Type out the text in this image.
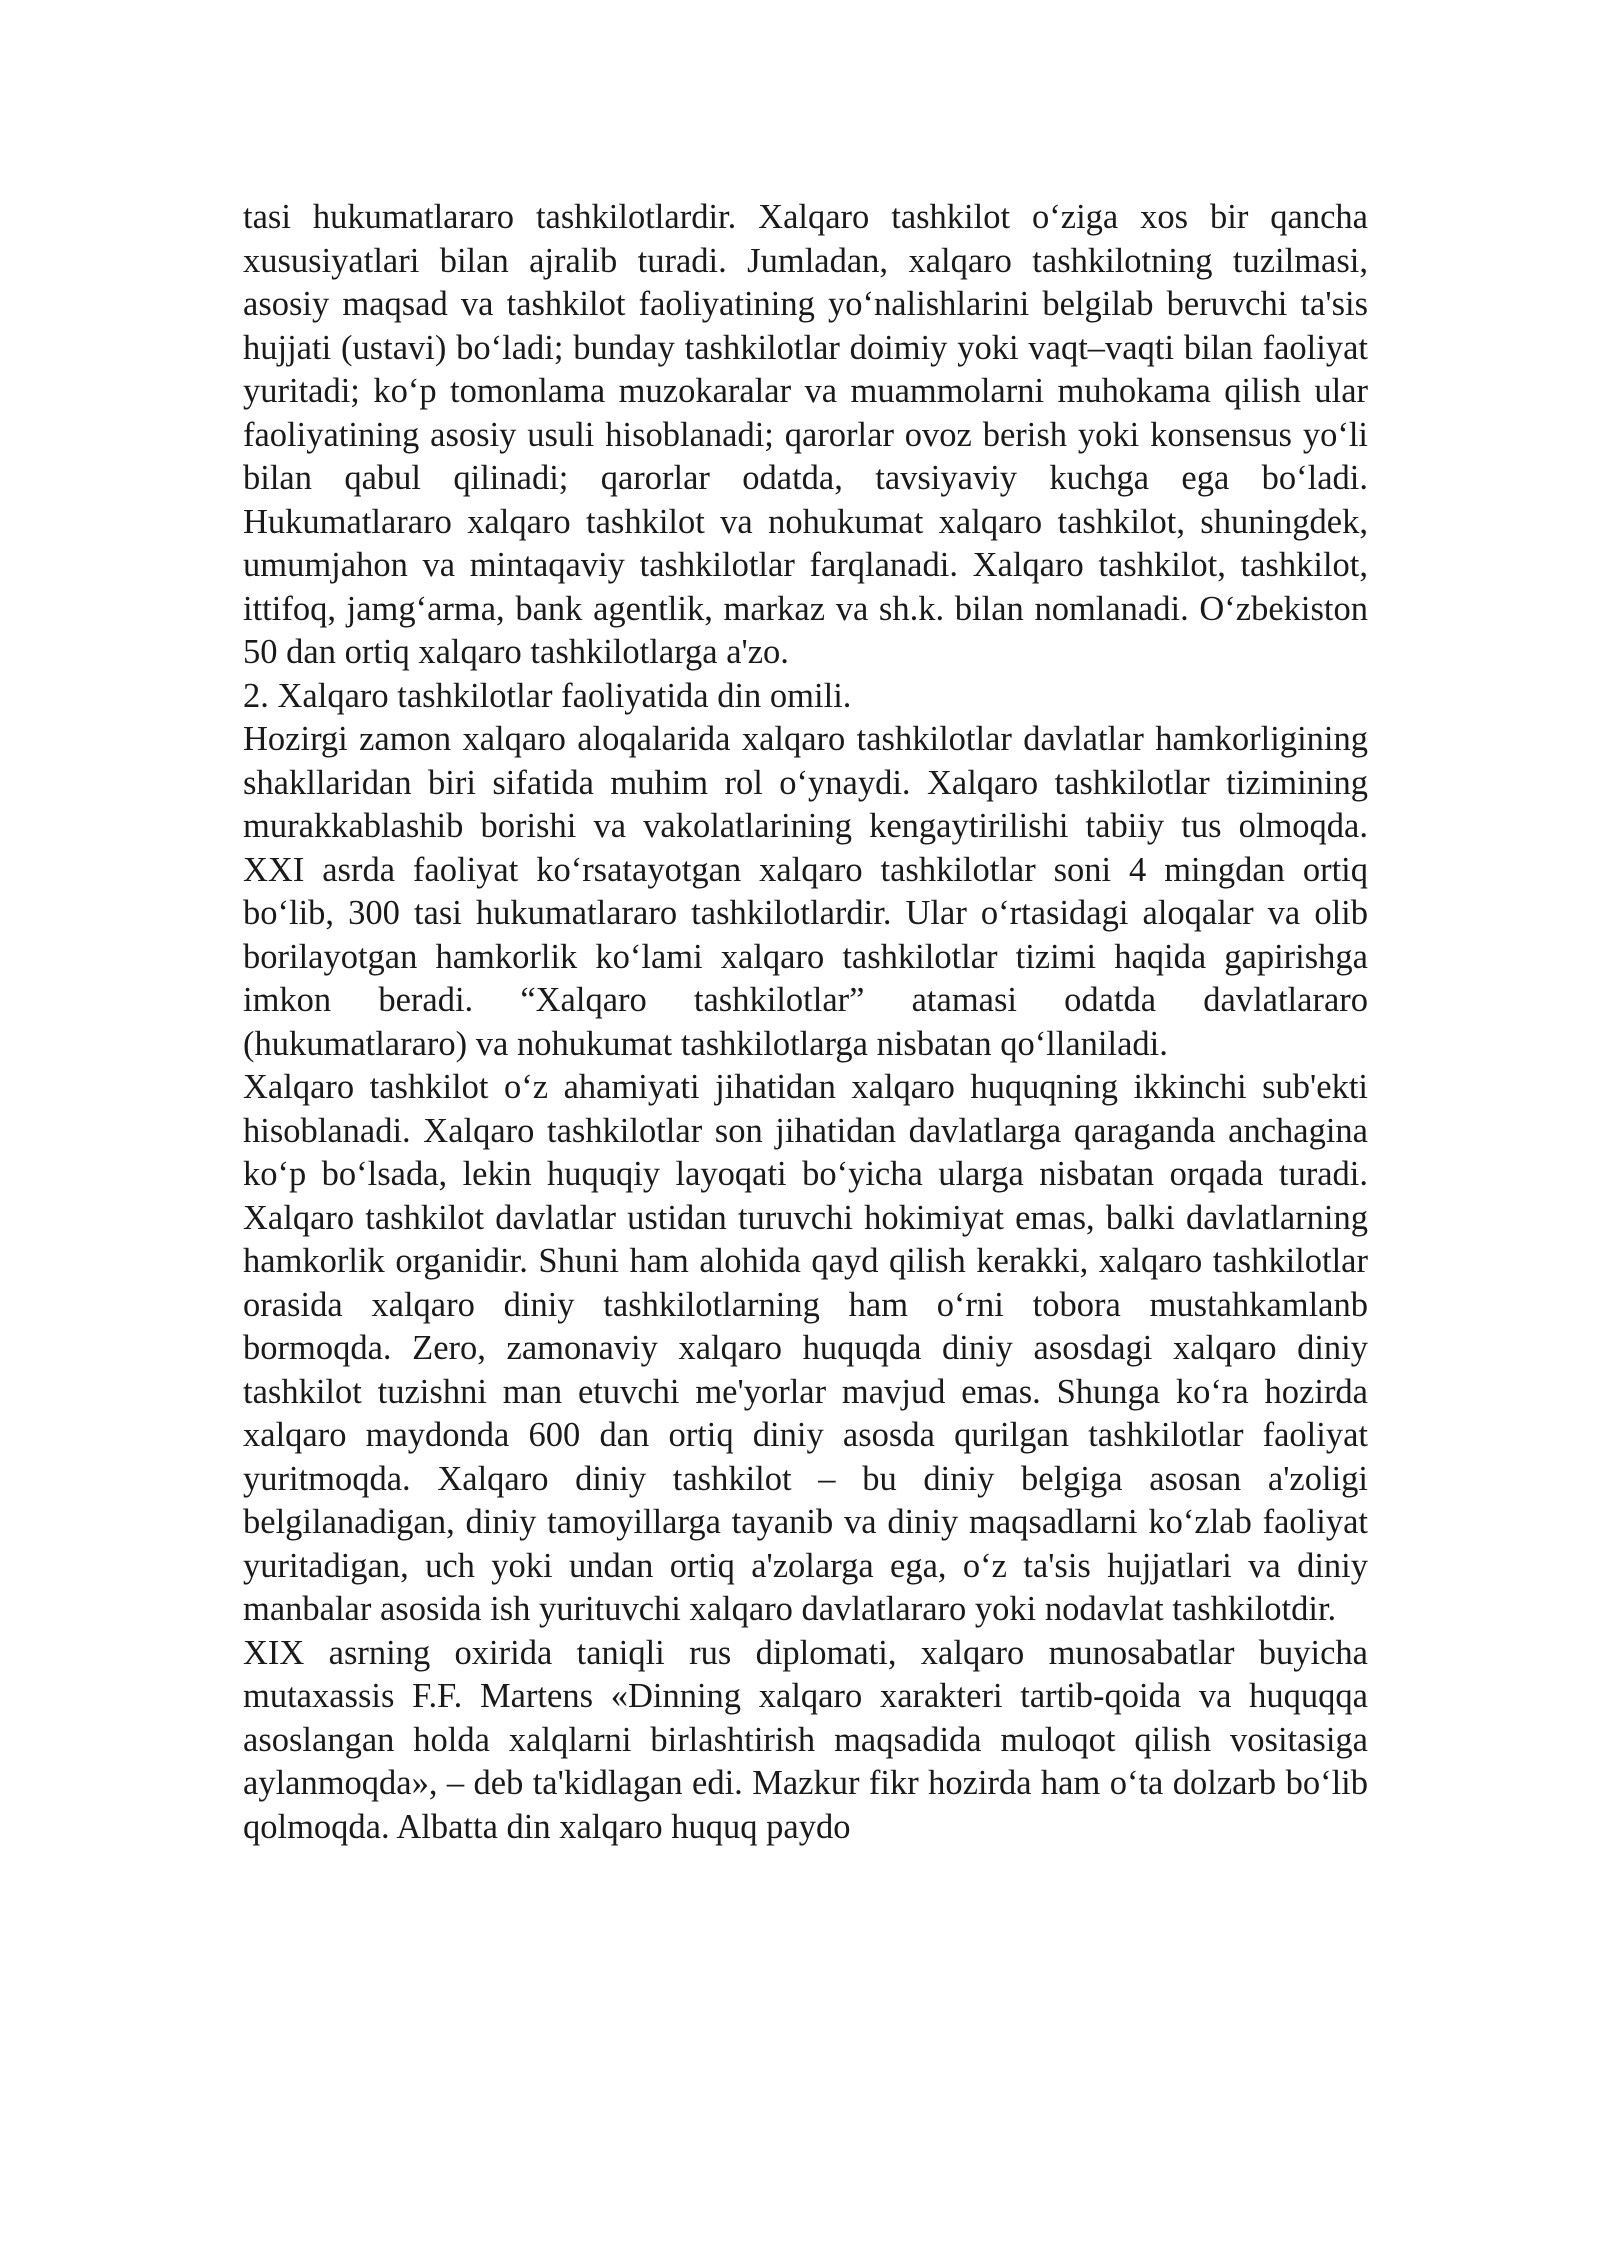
tasi hukumatlararo tashkilotlardir. Xalqaro tashkilot o‘ziga xos bir qancha xususiyatlari bilan ajralib turadi. Jumladan, xalqaro tashkilotning tuzilmasi, asosiy maqsad va tashkilot faoliyatining yo‘nalishlarini belgilab beruvchi ta'sis hujjati (ustavi) bo‘ladi; bunday tashkilotlar doimiy yoki vaqt–vaqti bilan faoliyat yuritadi; ko‘p tomonlama muzokaralar va muammolarni muhokama qilish ular faoliyatining asosiy usuli hisoblanadi; qarorlar ovoz berish yoki konsensus yo‘li bilan qabul qilinadi; qarorlar odatda, tavsiyaviy kuchga ega bo‘ladi. Hukumatlararo xalqaro tashkilot va nohukumat xalqaro tashkilot, shuningdek, umumjahon va mintaqaviy tashkilotlar farqlanadi. Xalqaro tashkilot, tashkilot, ittifoq, jamg‘arma, bank agentlik, markaz va sh.k. bilan nomlanadi. O‘zbekiston 50 dan ortiq xalqaro tashkilotlarga a'zo.

2. Xalqaro tashkilotlar faoliyatida din omili.

Hozirgi zamon xalqaro aloqalarida xalqaro tashkilotlar davlatlar hamkorligining shakllaridan biri sifatida muhim rol o‘ynaydi. Xalqaro tashkilotlar tizimining murakkablashib borishi va vakolatlarining kengaytirilishi tabiiy tus olmoqda. XXI asrda faoliyat ko‘rsatayotgan xalqaro tashkilotlar soni 4 mingdan ortiq bo‘lib, 300 tasi hukumatlararo tashkilotlardir. Ular o‘rtasidagi aloqalar va olib borilayotgan hamkorlik ko‘lami xalqaro tashkilotlar tizimi haqida gapirishga imkon beradi. “Xalqaro tashkilotlar” atamasi odatda davlatlararo (hukumatlararo) va nohukumat tashkilotlarga nisbatan qo‘llaniladi.

Xalqaro tashkilot o‘z ahamiyati jihatidan xalqaro huquqning ikkinchi sub'ekti hisoblanadi. Xalqaro tashkilotlar son jihatidan davlatlarga qaraganda anchagina ko‘p bo‘lsada, lekin huquqiy layoqati bo‘yicha ularga nisbatan orqada turadi. Xalqaro tashkilot davlatlar ustidan turuvchi hokimiyat emas, balki davlatlarning hamkorlik organidir. Shuni ham alohida qayd qilish kerakki, xalqaro tashkilotlar orasida xalqaro diniy tashkilotlarning ham o‘rni tobora mustahkamlanb bormoqda. Zero, zamonaviy xalqaro huquqda diniy asosdagi xalqaro diniy tashkilot tuzishni man etuvchi me'yorlar mavjud emas. Shunga ko‘ra hozirda xalqaro maydonda 600 dan ortiq diniy asosda qurilgan tashkilotlar faoliyat yuritmoqda. Xalqaro diniy tashkilot – bu diniy belgiga asosan a'zoligi belgilanadigan, diniy tamoyillarga tayanib va diniy maqsadlarni ko‘zlab faoliyat yuritadigan, uch yoki undan ortiq a'zolarga ega, o‘z ta'sis hujjatlari va diniy manbalar asosida ish yurituvchi xalqaro davlatlararo yoki nodavlat tashkilotdir.

XIX asrning oxirida taniqli rus diplomati, xalqaro munosabatlar buyicha mutaxassis F.F. Martens «Dinning xalqaro xarakteri tartib-qoida va huquqqa asoslangan holda xalqlarni birlashtirish maqsadida muloqot qilish vositasiga aylanmoqda», – deb ta'kidlagan edi. Mazkur fikr hozirda ham o‘ta dolzarb bo‘lib qolmoqda. Albatta din xalqaro huquq paydo
